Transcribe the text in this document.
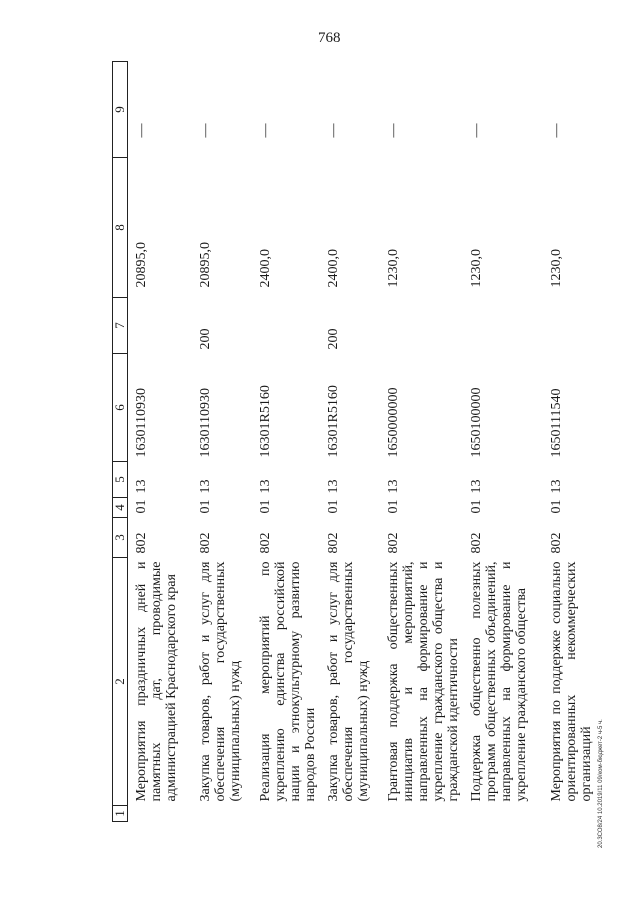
768
1	2	3	4	5	6	7	8	9
	Мероприятия праздничных дней и памятных дат, проводимые администрацией Краснодарского края	802	01	13	1630110930		20895,0	—
	Закупка товаров, работ и услуг для обеспечения государственных (муниципальных) нужд	802	01	13	1630110930	200	20895,0	—
	Реализация мероприятий по укреплению единства российской нации и этнокультурному развитию народов России	802	01	13	16301R5160		2400,0	—
	Закупка товаров, работ и услуг для обеспечения государственных (муниципальных) нужд	802	01	13	16301R5160	200	2400,0	—
	Грантовая поддержка общественных инициатив и мероприятий, направленных на формирование и укрепление гражданского общества и гражданской идентичности	802	01	13	1650000000		1230,0	—
	Поддержка общественно полезных программ общественных объединений, направленных на формирование и укрепление гражданского общества	802	01	13	1650100000		1230,0	—
	Мероприятия по поддержке социально ориентированных некоммерческих организаций	802	01	13	1650111540		1230,0	—
20.3СО8/24 10.2019/11 09/ком-бюджет-2 ч-5 ч.
